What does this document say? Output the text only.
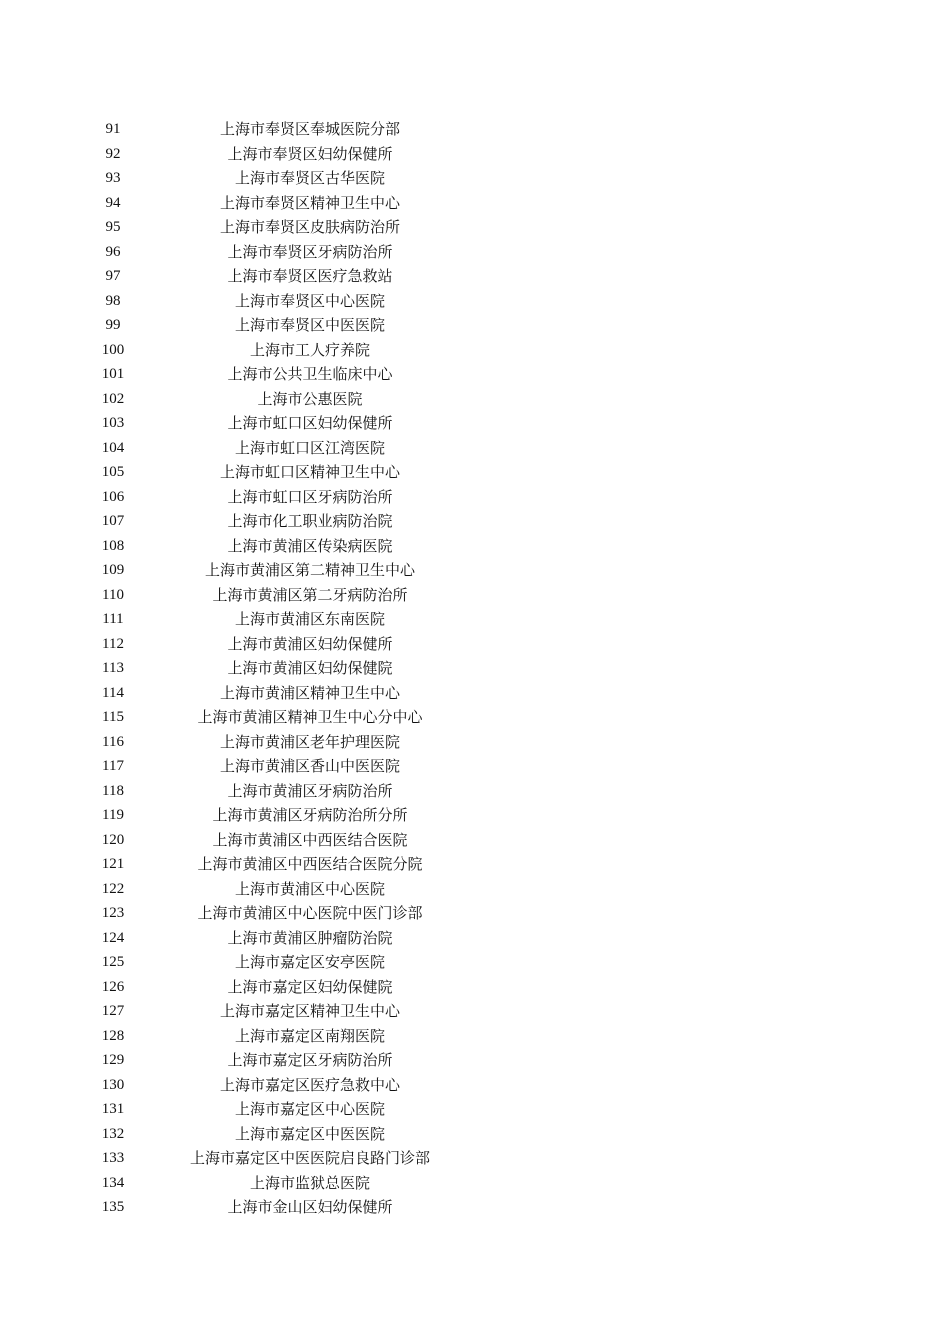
91	上海市奉贤区奉城医院分部
92	上海市奉贤区妇幼保健所
93	上海市奉贤区古华医院
94	上海市奉贤区精神卫生中心
95	上海市奉贤区皮肤病防治所
96	上海市奉贤区牙病防治所
97	上海市奉贤区医疗急救站
98	上海市奉贤区中心医院
99	上海市奉贤区中医医院
100	上海市工人疗养院
101	上海市公共卫生临床中心
102	上海市公惠医院
103	上海市虹口区妇幼保健所
104	上海市虹口区江湾医院
105	上海市虹口区精神卫生中心
106	上海市虹口区牙病防治所
107	上海市化工职业病防治院
108	上海市黄浦区传染病医院
109	上海市黄浦区第二精神卫生中心
110	上海市黄浦区第二牙病防治所
111	上海市黄浦区东南医院
112	上海市黄浦区妇幼保健所
113	上海市黄浦区妇幼保健院
114	上海市黄浦区精神卫生中心
115	上海市黄浦区精神卫生中心分中心
116	上海市黄浦区老年护理医院
117	上海市黄浦区香山中医医院
118	上海市黄浦区牙病防治所
119	上海市黄浦区牙病防治所分所
120	上海市黄浦区中西医结合医院
121	上海市黄浦区中西医结合医院分院
122	上海市黄浦区中心医院
123	上海市黄浦区中心医院中医门诊部
124	上海市黄浦区肿瘤防治院
125	上海市嘉定区安亭医院
126	上海市嘉定区妇幼保健院
127	上海市嘉定区精神卫生中心
128	上海市嘉定区南翔医院
129	上海市嘉定区牙病防治所
130	上海市嘉定区医疗急救中心
131	上海市嘉定区中心医院
132	上海市嘉定区中医医院
133	上海市嘉定区中医医院启良路门诊部
134	上海市监狱总医院
135	上海市金山区妇幼保健所
